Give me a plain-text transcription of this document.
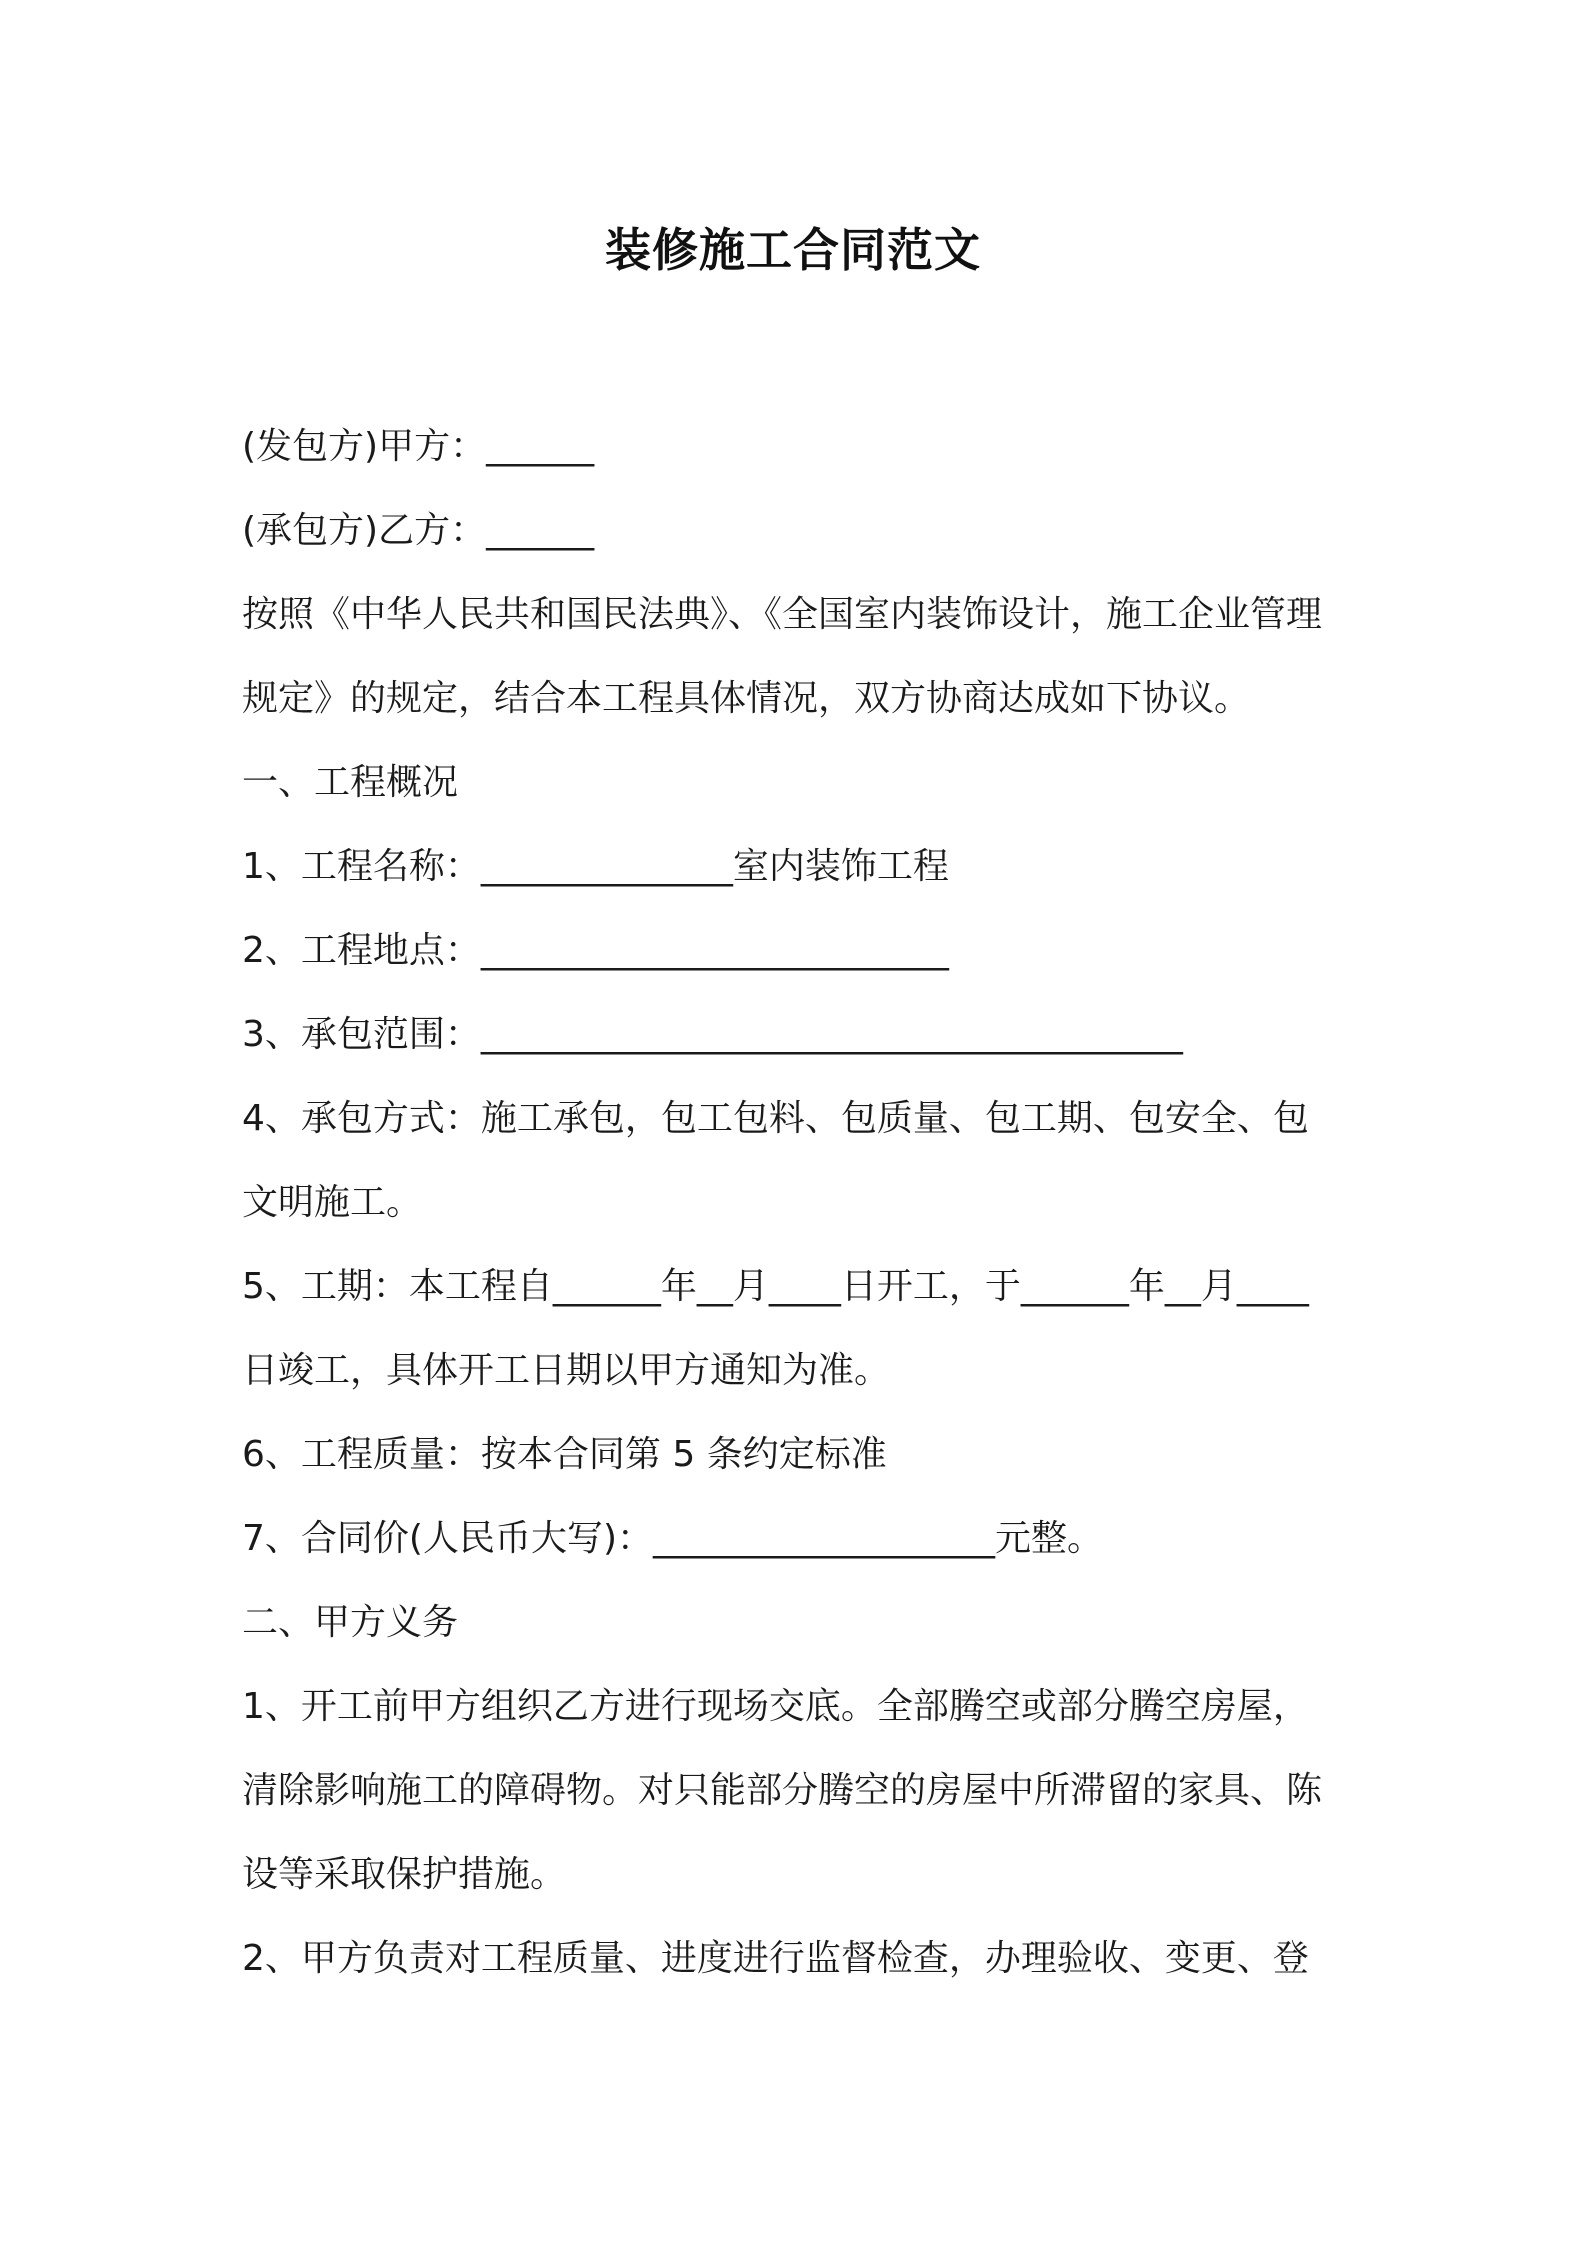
装修施工合同范文
(发包方)甲方：______
(承包方)乙方：______
按照《中华人民共和国民法典》、《全国室内装饰设计，施工企业管理
规定》的规定，结合本工程具体情况，双方协商达成如下协议。
一、工程概况
1、工程名称：______________室内装饰工程
2、工程地点：__________________________
3、承包范围：_______________________________________
4、承包方式：施工承包，包工包料、包质量、包工期、包安全、包
文明施工。
5、工期：本工程自______年__月____日开工，于______年__月____
日竣工，具体开工日期以甲方通知为准。
6、工程质量：按本合同第 5 条约定标准
7、合同价(人民币大写)：___________________元整。
二、甲方义务
1、开工前甲方组织乙方进行现场交底。全部腾空或部分腾空房屋，
清除影响施工的障碍物。对只能部分腾空的房屋中所滞留的家具、陈
设等采取保护措施。
2、甲方负责对工程质量、进度进行监督检查，办理验收、变更、登
